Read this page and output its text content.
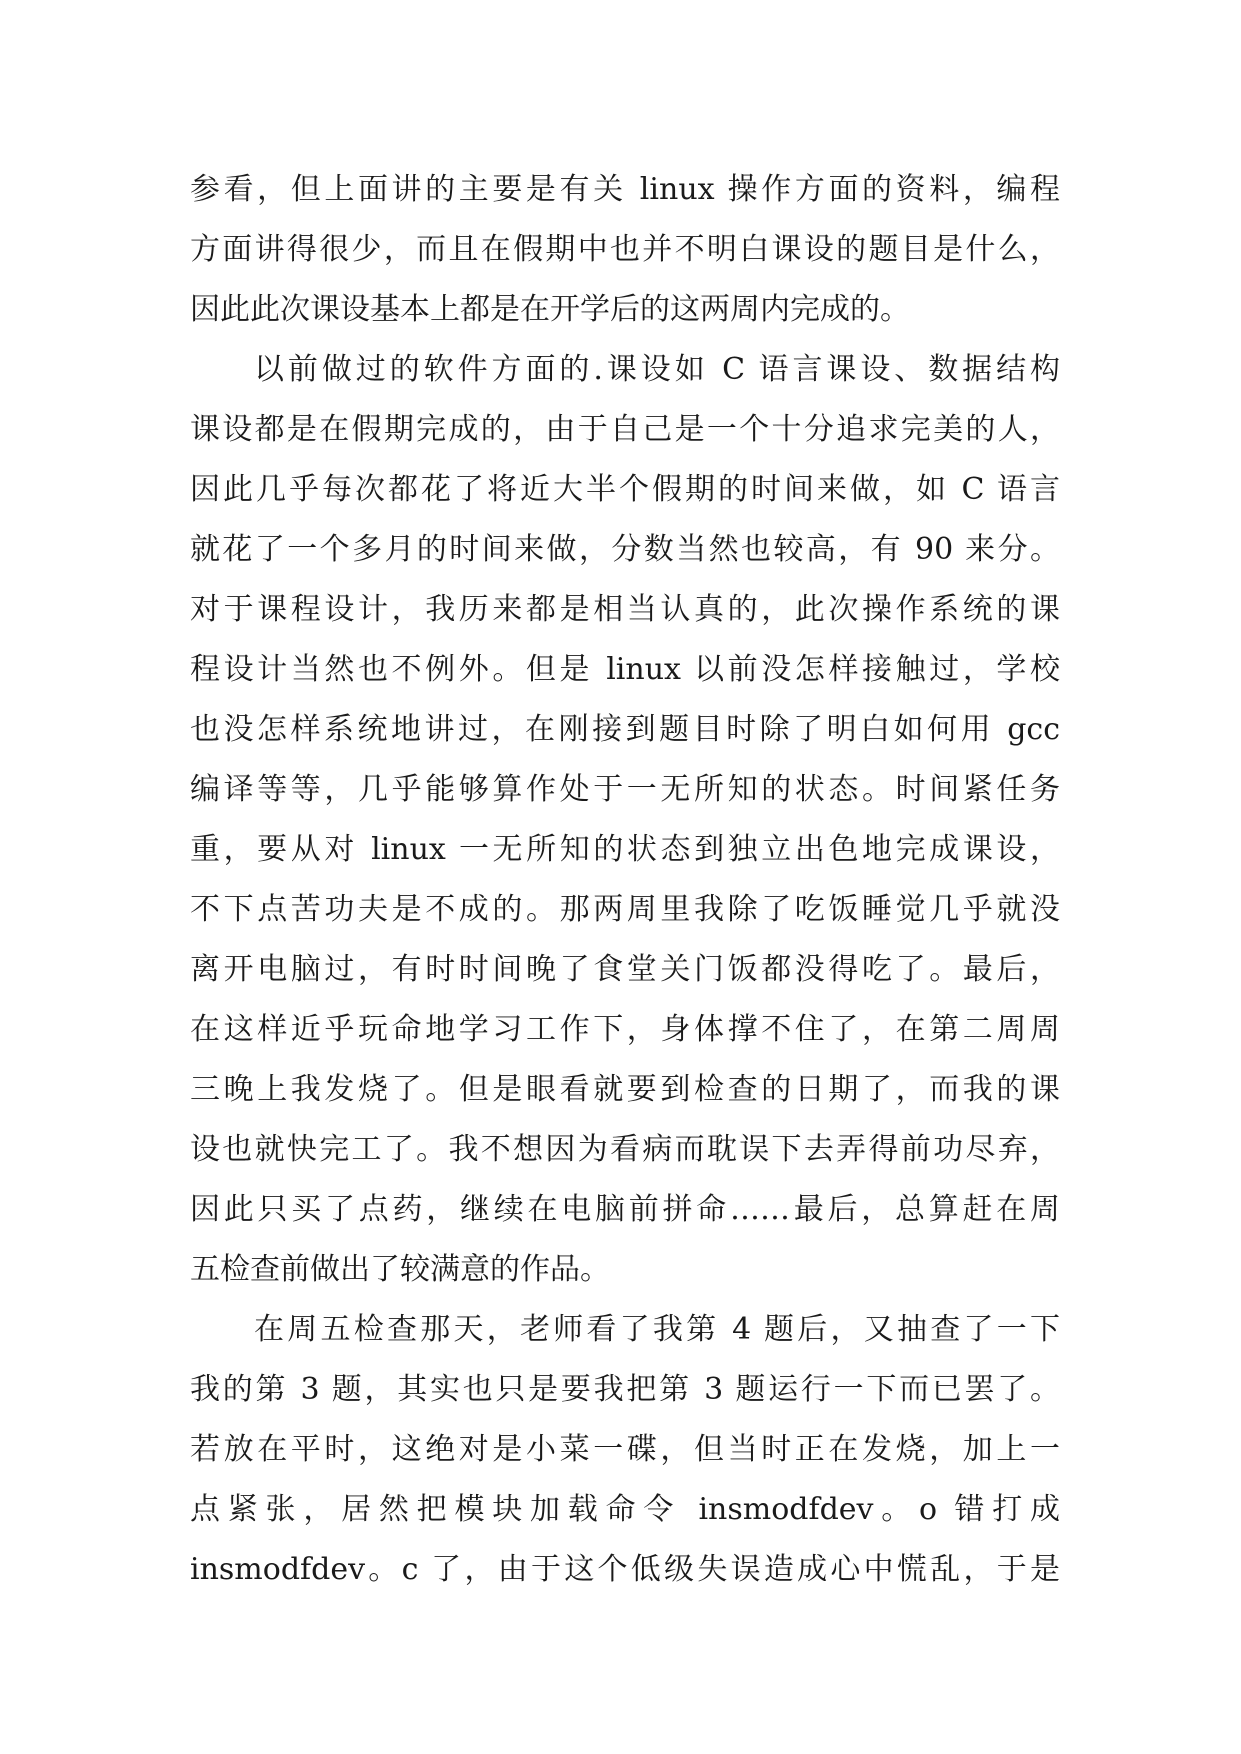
参看，但上面讲的主要是有关 linux 操作方面的资料，编程
方面讲得很少，而且在假期中也并不明白课设的题目是什么，
因此此次课设基本上都是在开学后的这两周内完成的。
以前做过的软件方面的.课设如 C 语言课设、数据结构
课设都是在假期完成的，由于自己是一个十分追求完美的人，
因此几乎每次都花了将近大半个假期的时间来做，如 C 语言
就花了一个多月的时间来做，分数当然也较高，有 90 来分。
对于课程设计，我历来都是相当认真的，此次操作系统的课
程设计当然也不例外。但是 linux 以前没怎样接触过，学校
也没怎样系统地讲过，在刚接到题目时除了明白如何用 gcc
编译等等，几乎能够算作处于一无所知的状态。时间紧任务
重，要从对 linux 一无所知的状态到独立出色地完成课设，
不下点苦功夫是不成的。那两周里我除了吃饭睡觉几乎就没
离开电脑过，有时时间晚了食堂关门饭都没得吃了。最后，
在这样近乎玩命地学习工作下，身体撑不住了，在第二周周
三晚上我发烧了。但是眼看就要到检查的日期了，而我的课
设也就快完工了。我不想因为看病而耽误下去弄得前功尽弃，
因此只买了点药，继续在电脑前拼命……最后，总算赶在周
五检查前做出了较满意的作品。
在周五检查那天，老师看了我第 4 题后，又抽查了一下
我的第 3 题，其实也只是要我把第 3 题运行一下而已罢了。
若放在平时，这绝对是小菜一碟，但当时正在发烧，加上一
点紧张，居然把模块加载命令 insmodfdev。o 错打成
insmodfdev。c 了，由于这个低级失误造成心中慌乱，于是
